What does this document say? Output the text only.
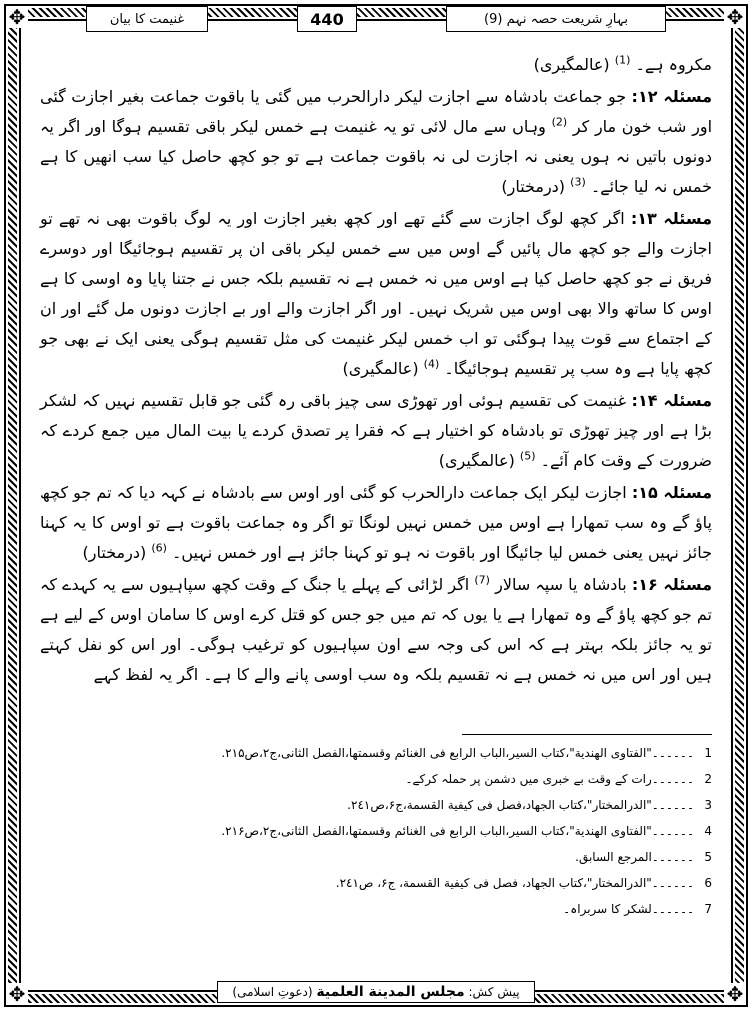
✥	✥
✥	✥
غنیمت کا بیان	440	بہارِ شریعت حصہ نہم (9)

مکروہ ہے۔ $^{(1)}$ (عالمگیری)

مسئلہ ۱۲: جو جماعت بادشاہ سے اجازت لیکر دارالحرب میں گئی یا باقوت جماعت بغیر اجازت گئی اور شب خون مار کر $^{(2)}$ وہاں سے مال لائی تو یہ غنیمت ہے خمس لیکر باقی تقسیم ہوگا اور اگر یہ دونوں باتیں نہ ہوں یعنی نہ اجازت لی نہ باقوت جماعت ہے تو جو کچھ حاصل کیا سب انھیں کا ہے خمس نہ لیا جائے۔ $^{(3)}$ (درمختار)

مسئلہ ۱۳: اگر کچھ لوگ اجازت سے گئے تھے اور کچھ بغیر اجازت اور یہ لوگ باقوت بھی نہ تھے تو اجازت والے جو کچھ مال پائیں گے اوس میں سے خمس لیکر باقی ان پر تقسیم ہوجائیگا اور دوسرے فریق نے جو کچھ حاصل کیا ہے اوس میں نہ خمس ہے نہ تقسیم بلکہ جس نے جتنا پایا وہ اوسی کا ہے اوس کا ساتھ والا بھی اوس میں شریک نہیں۔ اور اگر اجازت والے اور بے اجازت دونوں مل گئے اور ان کے اجتماع سے قوت پیدا ہوگئی تو اب خمس لیکر غنیمت کی مثل تقسیم ہوگی یعنی ایک نے بھی جو کچھ پایا ہے وہ سب پر تقسیم ہوجائیگا۔ $^{(4)}$ (عالمگیری)

مسئلہ ۱۴: غنیمت کی تقسیم ہوئی اور تھوڑی سی چیز باقی رہ گئی جو قابل تقسیم نہیں کہ لشکر بڑا ہے اور چیز تھوڑی تو بادشاہ کو اختیار ہے کہ فقرا پر تصدق کردے یا بیت المال میں جمع کردے کہ ضرورت کے وقت کام آئے۔ $^{(5)}$ (عالمگیری)

مسئلہ ۱۵: اجازت لیکر ایک جماعت دارالحرب کو گئی اور اوس سے بادشاہ نے کہہ دیا کہ تم جو کچھ پاؤ گے وہ سب تمھارا ہے اوس میں خمس نہیں لونگا تو اگر وہ جماعت باقوت ہے تو اوس کا یہ کہنا جائز نہیں یعنی خمس لیا جائیگا اور باقوت نہ ہو تو کہنا جائز ہے اور خمس نہیں۔ $^{(6)}$ (درمختار)

مسئلہ ۱۶: بادشاہ یا سپہ سالار $^{(7)}$ اگر لڑائی کے پہلے یا جنگ کے وقت کچھ سپاہیوں سے یہ کہدے کہ تم جو کچھ پاؤ گے وہ تمھارا ہے یا یوں کہ تم میں جو جس کو قتل کرے اوس کا سامان اوس کے لیے ہے تو یہ جائز بلکہ بہتر ہے کہ اس کی وجہ سے اون سپاہیوں کو ترغیب ہوگی۔ اور اس کو نفل کہتے ہیں اور اس میں نہ خمس ہے نہ تقسیم بلکہ وہ سب اوسی پانے والے کا ہے۔ اگر یہ لفظ کہے

1۔۔۔۔۔۔"الفتاوی الهندیة"،كتاب السیر،الباب الرابع فی الغنائم وقسمتها،الفصل الثانی،ج۲،ص۲۱۵.
2۔۔۔۔۔۔رات کے وقت بے خبری میں دشمن پر حملہ کرکے۔
3۔۔۔۔۔۔"الدرالمختار"،كتاب الجهاد،فصل فی كيفية القسمة،ج۶،ص۲٤۱.
4۔۔۔۔۔۔"الفتاوی الهندیة"،كتاب السیر،الباب الرابع فی الغنائم وقسمتها،الفصل الثانی،ج۲،ص۲۱۶.
5۔۔۔۔۔۔المرجع السابق.
6۔۔۔۔۔۔"الدرالمختار"،كتاب الجهاد، فصل فی كيفية القسمة، ج۶، ص۲٤۱.
7۔۔۔۔۔۔لشکر کا سربراہ۔
پیش کش: مجلس المدينة العلمية (دعوتِ اسلامی)
